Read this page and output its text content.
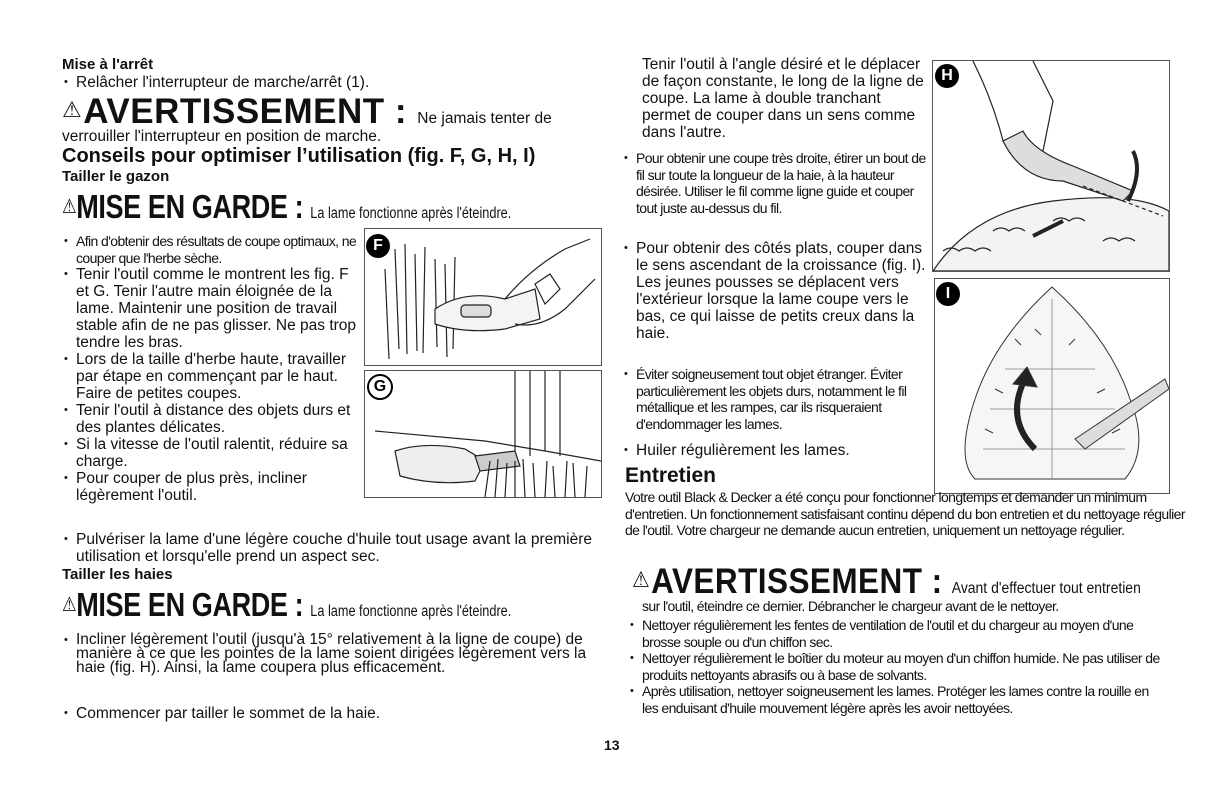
Mise à l'arrêt
• Relâcher l'interrupteur de marche/arrêt (1).
⚠AVERTISSEMENT : Ne jamais tenter de
verrouiller l'interrupteur en position de marche.
Conseils pour optimiser l’utilisation (fig. F, G, H, I)
Tailler le gazon
⚠MISE EN GARDE : La lame fonctionne après l'éteindre.
• Afin d'obtenir des résultats de coupe optimaux, ne couper que l'herbe sèche.
• Tenir l'outil comme le montrent les fig. F et G. Tenir l'autre main éloignée de la lame. Maintenir une position de travail stable afin de ne pas glisser. Ne pas trop tendre les bras.
• Lors de la taille d'herbe haute, travailler par étape en commençant par le haut. Faire de petites coupes.
• Tenir l'outil à distance des objets durs et des plantes délicates.
• Si la vitesse de l'outil ralentit, réduire sa charge.
• Pour couper de plus près, incliner légèrement l'outil.
F
G
• Pulvériser la lame d'une légère couche d'huile tout usage avant la première utilisation et lorsqu'elle prend un aspect sec.
Tailler les haies
⚠MISE EN GARDE : La lame fonctionne après l'éteindre.
• Incliner légèrement l'outil (jusqu'à 15° relativement à la ligne de coupe) de manière à ce que les pointes de la lame soient dirigées légèrement vers la haie (fig. H). Ainsi, la lame coupera plus efficacement.
• Commencer par tailler le sommet de la haie.
Tenir l'outil à l'angle désiré et le déplacer de façon constante, le long de la ligne de coupe. La lame à double tranchant permet de couper dans un sens comme dans l'autre.
H
• Pour obtenir une coupe très droite, étirer un bout de fil sur toute la longueur de la haie, à la hauteur désirée. Utiliser le fil comme ligne guide et couper tout juste au-dessus du fil.
• Pour obtenir des côtés plats, couper dans le sens ascendant de la croissance (fig. I). Les jeunes pousses se déplacent vers l'extérieur lorsque la lame coupe vers le bas, ce qui laisse de petits creux dans la haie.
• Éviter soigneusement tout objet étranger. Éviter particulièrement les objets durs, notamment le fil métallique et les rampes, car ils risqueraient d'endommager les lames.
• Huiler régulièrement les lames.
I
Entretien
Votre outil Black & Decker a été conçu pour fonctionner longtemps et demander un minimum d'entretien. Un fonctionnement satisfaisant continu dépend du bon entretien et du nettoyage régulier de l'outil. Votre chargeur ne demande aucun entretien, uniquement un nettoyage régulier.
⚠AVERTISSEMENT : Avant d'effectuer tout entretien
sur l'outil, éteindre ce dernier. Débrancher le chargeur avant de le nettoyer.
• Nettoyer régulièrement les fentes de ventilation de l'outil et du chargeur au moyen d'une brosse souple ou d'un chiffon sec.
• Nettoyer régulièrement le boîtier du moteur au moyen d'un chiffon humide. Ne pas utiliser de produits nettoyants abrasifs ou à base de solvants.
• Après utilisation, nettoyer soigneusement les lames. Protéger les lames contre la rouille en les enduisant d'huile mouvement légère après les avoir nettoyées.
13
